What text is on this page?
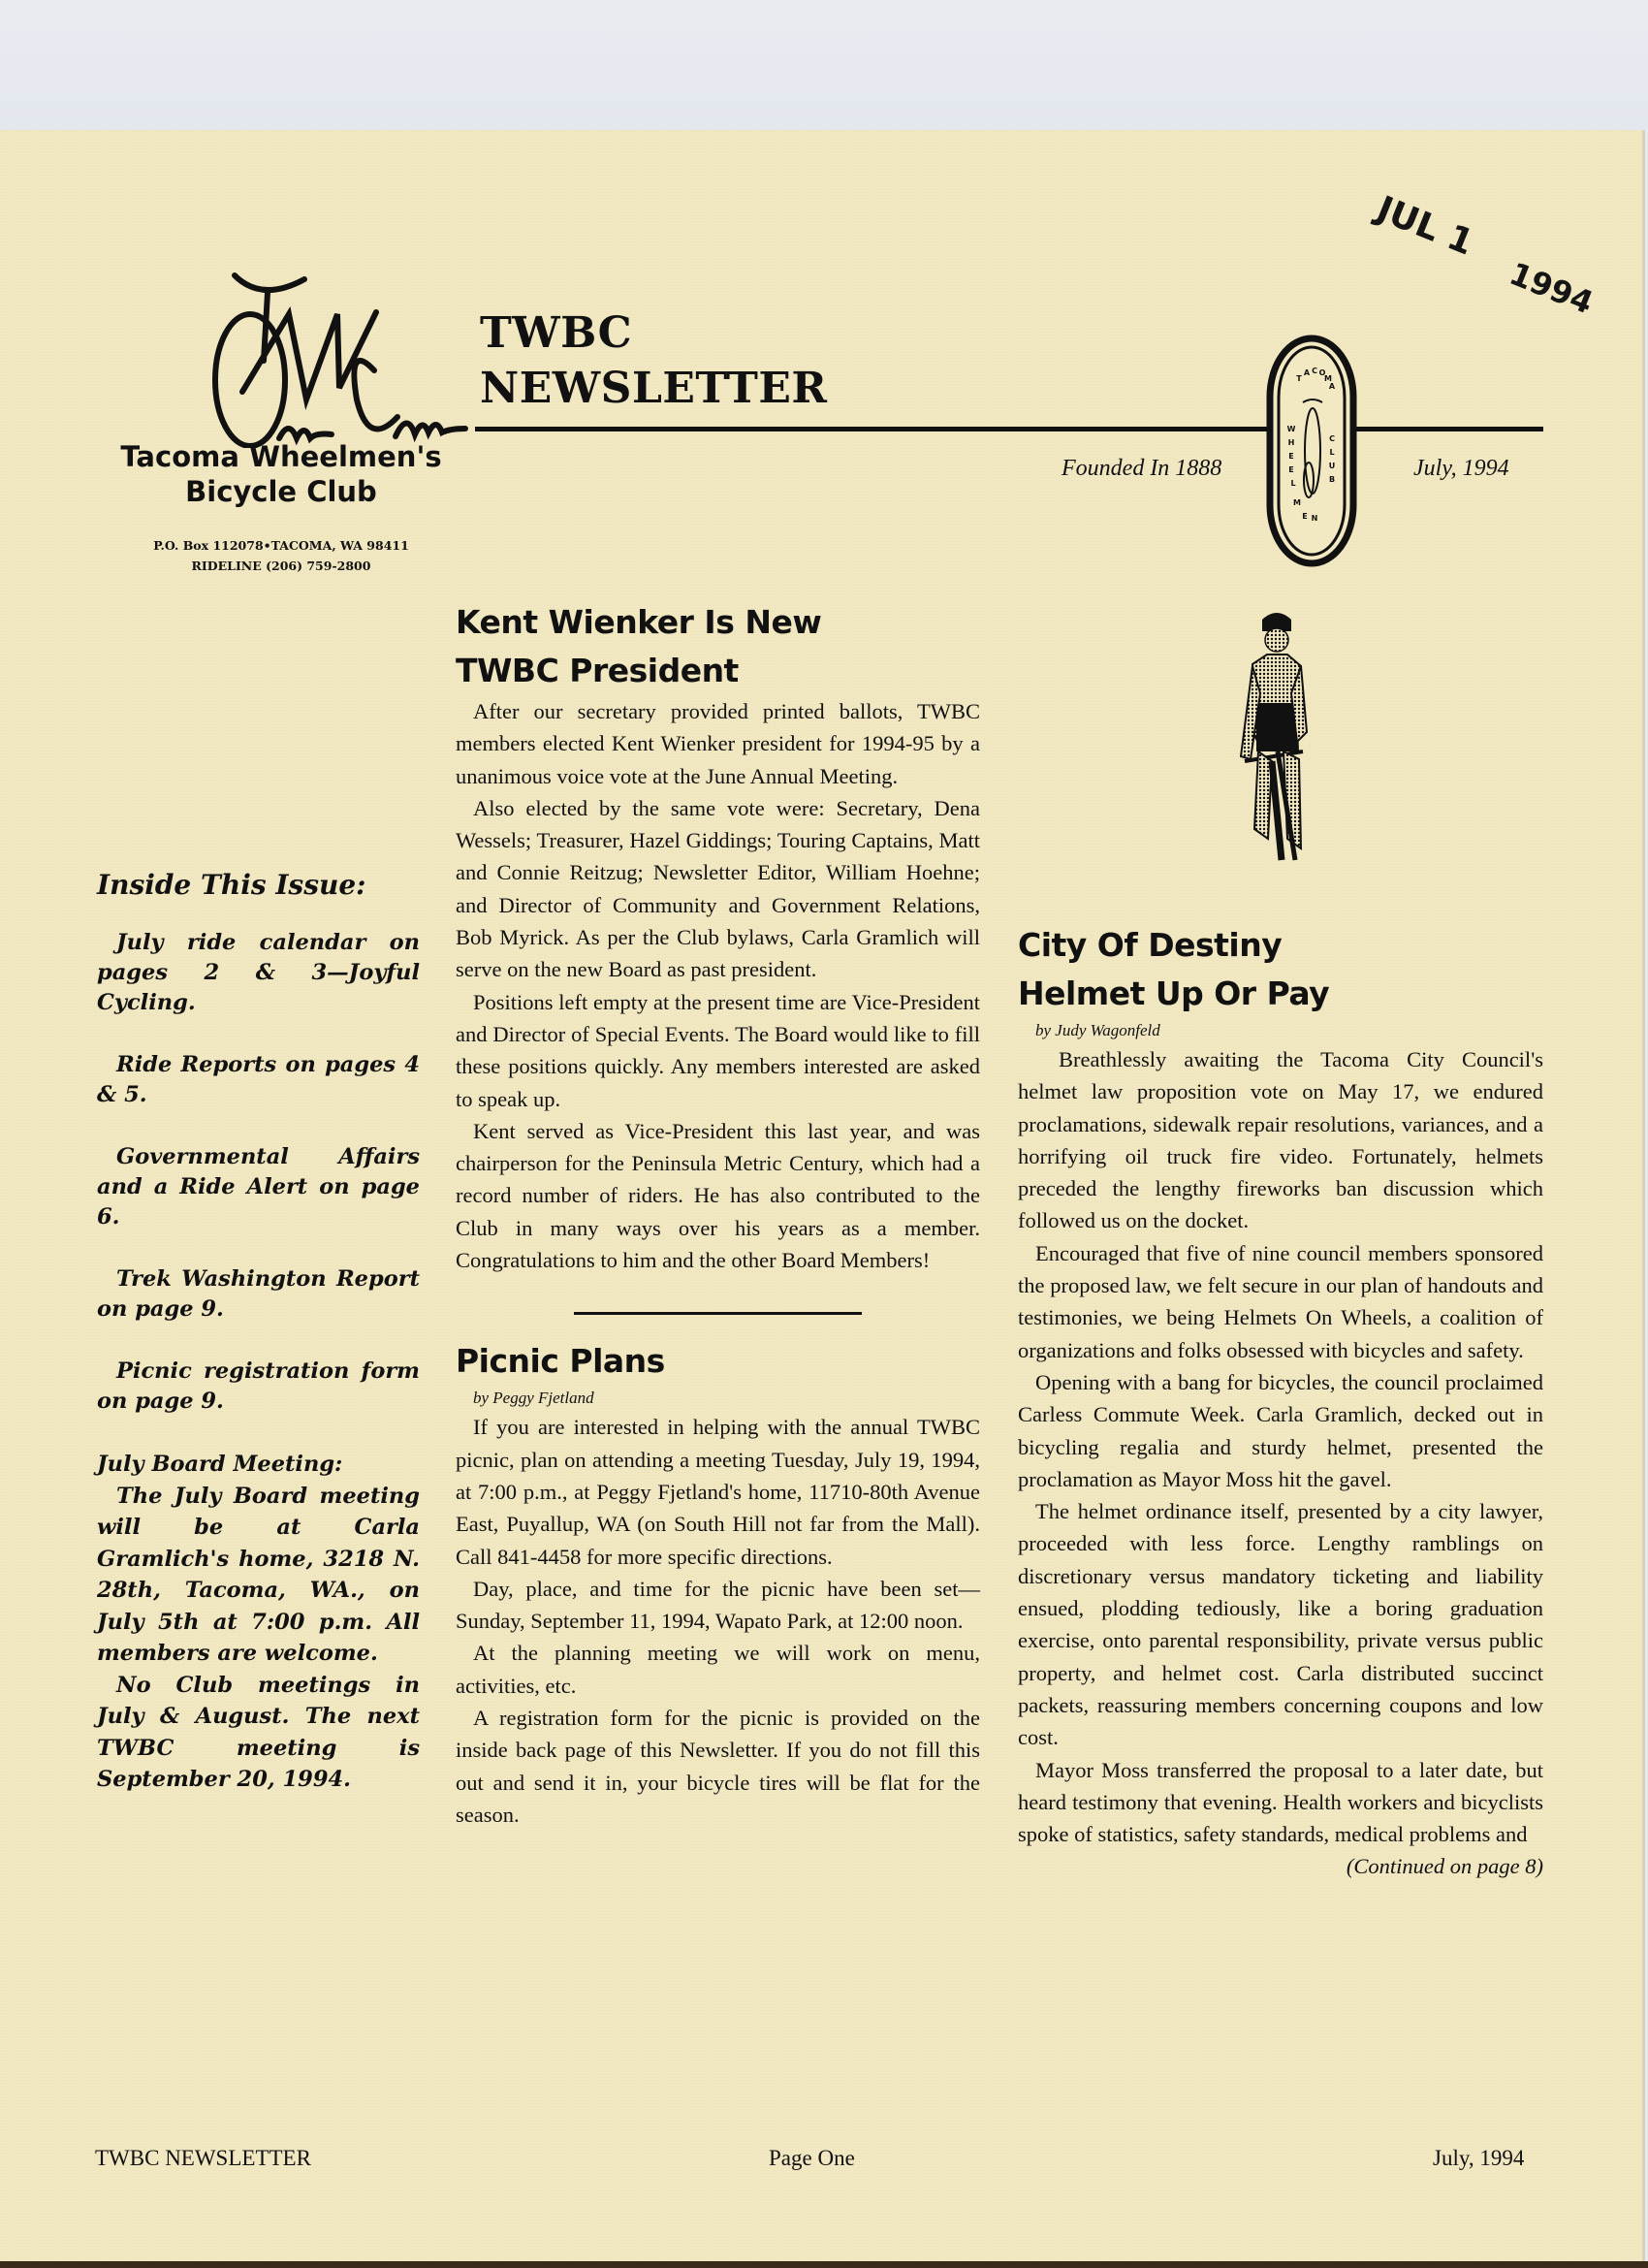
Tacoma Wheelmen's
Bicycle Club
P.O. Box 112078•TACOMA, WA 98411
RIDELINE (206) 759-2800
TWBC
NEWSLETTER
Founded In 1888	July, 1994
T
A C O
M
A
W
H
E
E
L
M
E N
C
L
U
B
JUL 1 1994
Inside This Issue:
July ride calendar on pages 2 & 3—Joyful Cycling.
Ride Reports on pages 4 & 5.
Governmental Affairs and a Ride Alert on page 6.
Trek Washington Report on page 9.
Picnic registration form on page 9.

July Board Meeting:

The July Board meeting will be at Carla Gramlich's home, 3218 N. 28th, Tacoma, WA., on July 5th at 7:00 p.m. All members are welcome.

No Club meetings in July & August. The next TWBC meeting is September 20, 1994.

Kent Wienker Is New
TWBC President

After our secretary provided printed ballots, TWBC members elected Kent Wienker president for 1994-95 by a unanimous voice vote at the June Annual Meeting.

Also elected by the same vote were: Secretary, Dena Wessels; Treasurer, Hazel Giddings; Touring Captains, Matt and Connie Reitzug; Newsletter Editor, William Hoehne; and Director of Community and Government Relations, Bob Myrick. As per the Club bylaws, Carla Gramlich will serve on the new Board as past president.

Positions left empty at the present time are Vice-President and Director of Special Events. The Board would like to fill these positions quickly. Any members interested are asked to speak up.

Kent served as Vice-President this last year, and was chairperson for the Peninsula Metric Century, which had a record number of riders. He has also contributed to the Club in many ways over his years as a member. Congratulations to him and the other Board Members!

Picnic Plans

by Peggy Fjetland

If you are interested in helping with the annual TWBC picnic, plan on attending a meeting Tuesday, July 19, 1994, at 7:00 p.m., at Peggy Fjetland's home, 11710-80th Avenue East, Puyallup, WA (on South Hill not far from the Mall). Call 841-4458 for more specific directions.

Day, place, and time for the picnic have been set—Sunday, September 11, 1994, Wapato Park, at 12:00 noon.

At the planning meeting we will work on menu, activities, etc.

A registration form for the picnic is provided on the inside back page of this Newsletter. If you do not fill this out and send it in, your bicycle tires will be flat for the season.

City Of Destiny
Helmet Up Or Pay

by Judy Wagonfeld

Breathlessly awaiting the Tacoma City Council's helmet law proposition vote on May 17, we endured proclamations, sidewalk repair resolutions, variances, and a horrifying oil truck fire video. Fortunately, helmets preceded the lengthy fireworks ban discussion which followed us on the docket.

Encouraged that five of nine council members sponsored the proposed law, we felt secure in our plan of handouts and testimonies, we being Helmets On Wheels, a coalition of organizations and folks obsessed with bicycles and safety.

Opening with a bang for bicycles, the council proclaimed Carless Commute Week. Carla Gramlich, decked out in bicycling regalia and sturdy helmet, presented the proclamation as Mayor Moss hit the gavel.

The helmet ordinance itself, presented by a city lawyer, proceeded with less force. Lengthy ramblings on discretionary versus mandatory ticketing and liability ensued, plodding tediously, like a boring graduation exercise, onto parental responsibility, private versus public property, and helmet cost. Carla distributed succinct packets, reassuring members concerning coupons and low cost.

Mayor Moss transferred the proposal to a later date, but heard testimony that evening. Health workers and bicyclists spoke of statistics, safety standards, medical problems and

(Continued on page 8)

TWBC NEWSLETTER	Page One	July, 1994
